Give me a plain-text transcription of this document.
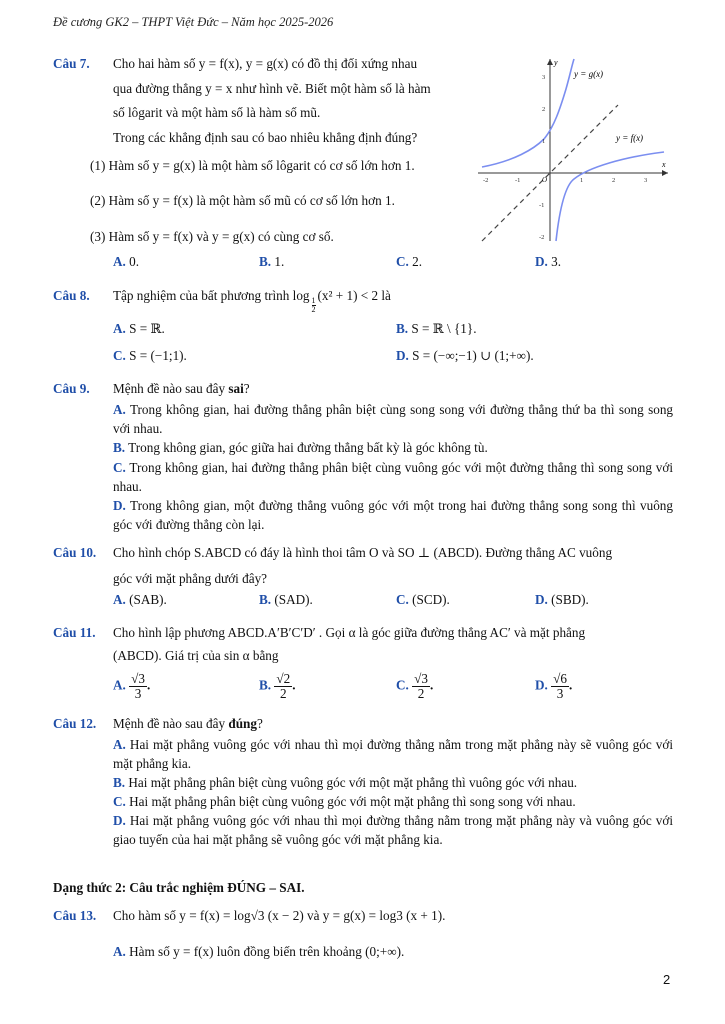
Đề cương GK2 – THPT Việt Đức – Năm học 2025-2026
Câu 7. Cho hai hàm số y = f(x), y = g(x) có đồ thị đối xứng nhau
qua đường thẳng y = x như hình vẽ. Biết một hàm số là hàm
số lôgarit và một hàm số là hàm số mũ.
Trong các khẳng định sau có bao nhiêu khẳng định đúng?
(1) Hàm số y = g(x) là một hàm số lôgarit có cơ số lớn hơn 1.
(2) Hàm số y = f(x) là một hàm số mũ có cơ số lớn hơn 1.
(3) Hàm số y = f(x) và y = g(x) có cùng cơ số.
A. 0.	B. 1.	C. 2.	D. 3.
y = g(x)
y = f(x)
x
y
O
-2	-1	1	2	3
3
2
1
-1
-2
Câu 8. Tập nghiệm của bất phương trình log
$\frac{1}{2}$
(x² + 1) < 2 là
A. S = ℝ.	B. S = ℝ \ {1}.
C. S = (−1;1).	D. S = (−∞;−1) ∪ (1;+∞).
Câu 9. Mệnh đề nào sau đây sai?
A. Trong không gian, hai đường thẳng phân biệt cùng song song với đường thẳng thứ ba thì song song với nhau.
B. Trong không gian, góc giữa hai đường thẳng bất kỳ là góc không tù.
C. Trong không gian, hai đường thẳng phân biệt cùng vuông góc với một đường thẳng thì song song với nhau.
D. Trong không gian, một đường thẳng vuông góc với một trong hai đường thẳng song song thì vuông góc với đường thẳng còn lại.
Câu 10. Cho hình chóp S.ABCD có đáy là hình thoi tâm O và SO ⊥ (ABCD). Đường thẳng AC vuông
góc với mặt phẳng dưới đây?
A. (SAB).	B. (SAD).	C. (SCD).	D. (SBD).
Câu 11. Cho hình lập phương ABCD.A′B′C′D′ . Gọi α là góc giữa đường thẳng AC′ và mặt phẳng
(ABCD). Giá trị của sin α bằng
A. $\frac{√3}{3}$ .	B. $\frac{√2}{2}$ .	C. $\frac{√3}{2}$ .	D. $\frac{√6}{3}$ .
Câu 12. Mệnh đề nào sau đây đúng?
A. Hai mặt phẳng vuông góc với nhau thì mọi đường thẳng nằm trong mặt phẳng này sẽ vuông góc với mặt phẳng kia.
B. Hai mặt phẳng phân biệt cùng vuông góc với một mặt phẳng thì vuông góc với nhau.
C. Hai mặt phẳng phân biệt cùng vuông góc với một mặt phẳng thì song song với nhau.
D. Hai mặt phẳng vuông góc với nhau thì mọi đường thẳng nằm trong mặt phẳng này và vuông góc với giao tuyến của hai mặt phẳng sẽ vuông góc với mặt phẳng kia.
Dạng thức 2: Câu trắc nghiệm ĐÚNG – SAI.
Câu 13. Cho hàm số y = f(x) = log√3 (x − 2) và y = g(x) = log3 (x + 1).
A. Hàm số y = f(x) luôn đồng biến trên khoảng (0;+∞).
2
